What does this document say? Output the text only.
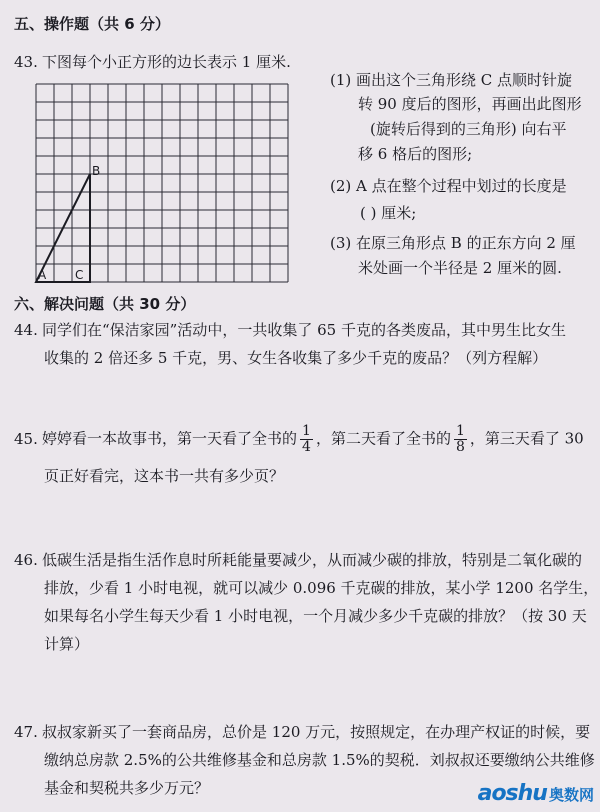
五、操作题（共 6 分）
43. 下图每个小正方形的边长表示 1 厘米.
A
B
C
(1) 画出这个三角形绕 C 点顺时针旋
转 90 度后的图形，再画出此图形
(旋转后得到的三角形) 向右平
移 6 格后的图形;
(2) A 点在整个过程中划过的长度是
( ) 厘米;
(3) 在原三角形点 B 的正东方向 2 厘
米处画一个半径是 2 厘米的圆.
六、解决问题（共 30 分）
44. 同学们在“保洁家园”活动中，一共收集了 65 千克的各类废品，其中男生比女生
收集的 2 倍还多 5 千克，男、女生各收集了多少千克的废品？（列方程解）
45. 婷婷看一本故事书，第一天看了全书的 $\frac{1}{4}$ ，第二天看了全书的 $\frac{1}{8}$ ，第三天看了 30
页正好看完，这本书一共有多少页？
46. 低碳生活是指生活作息时所耗能量要减少，从而减少碳的排放，特别是二氧化碳的
排放，少看 1 小时电视，就可以减少 0.096 千克碳的排放，某小学 1200 名学生，
如果每名小学生每天少看 1 小时电视，一个月减少多少千克碳的排放？（按 30 天
计算）
47. 叔叔家新买了一套商品房，总价是 120 万元，按照规定，在办理产权证的时候，要
缴纳总房款 2.5%的公共维修基金和总房款 1.5%的契税．刘叔叔还要缴纳公共维修
基金和契税共多少万元？	aoshu 奥数网
